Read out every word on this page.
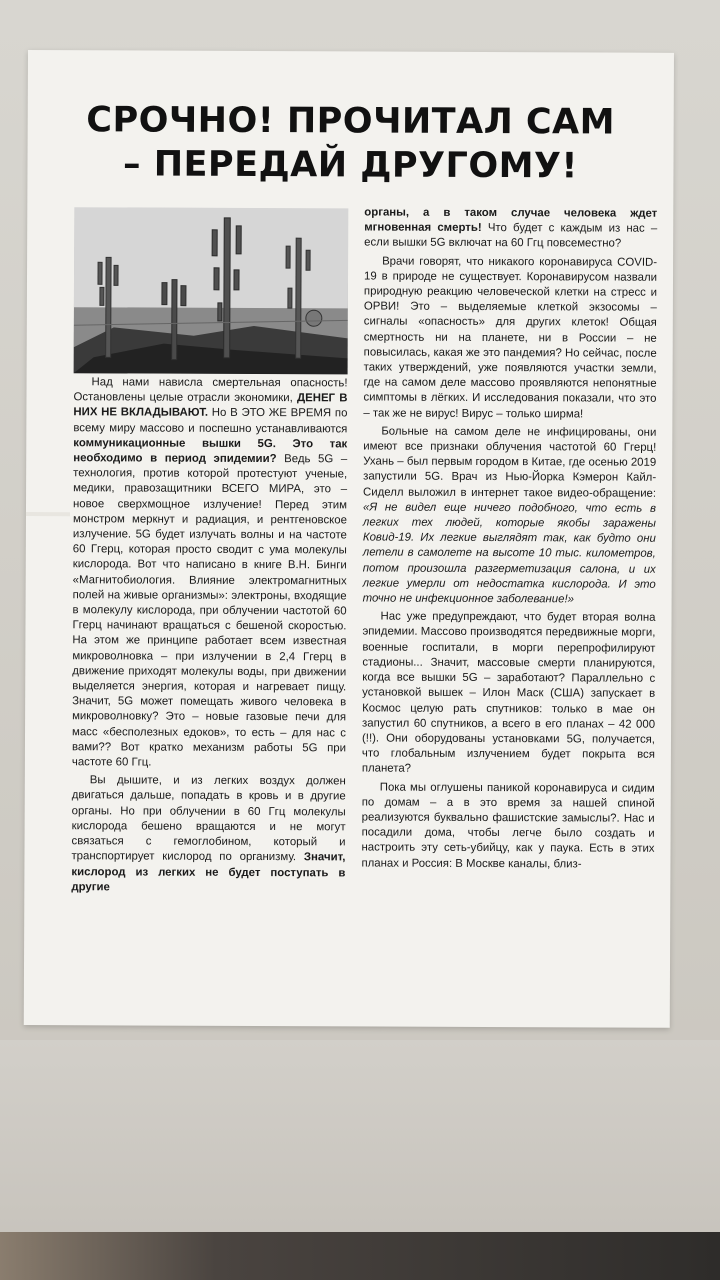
СРОЧНО! ПРОЧИТАЛ САМ
– ПЕРЕДАЙ ДРУГОМУ!

Над нами нависла смертельная опасность! Остановлены целые отрасли экономики, ДЕНЕГ В НИХ НЕ ВКЛАДЫВАЮТ. Но В ЭТО ЖЕ ВРЕМЯ по всему миру массово и поспешно устанавливаются коммуникационные вышки 5G. Это так необходимо в период эпидемии? Ведь 5G – технология, против которой протестуют ученые, медики, правозащитники ВСЕГО МИРА, это – новое сверхмощное излучение! Перед этим монстром меркнут и радиация, и рентгеновское излучение. 5G будет излучать волны и на частоте 60 Ггерц, которая просто сводит с ума молекулы кислорода. Вот что написано в книге В.Н. Бинги «Магнитобиология. Влияние электромагнитных полей на живые организмы»: электроны, входящие в молекулу кислорода, при облучении частотой 60 Ггерц начинают вращаться с бешеной скоростью. На этом же принципе работает всем известная микроволновка – при излучении в 2,4 Ггерц в движение приходят молекулы воды, при движении выделяется энергия, которая и нагревает пищу. Значит, 5G может помещать живого человека в микроволновку? Это – новые газовые печи для масс «бесполезных едоков», то есть – для нас с вами?? Вот кратко механизм работы 5G при частоте 60 Ггц.

Вы дышите, и из легких воздух должен двигаться дальше, попадать в кровь и в другие органы. Но при облучении в 60 Ггц молекулы кислорода бешено вращаются и не могут связаться с гемоглобином, который и транспортирует кислород по организму. Значит, кислород из легких не будет поступать в другие

органы, а в таком случае человека ждет мгновенная смерть! Что будет с каждым из нас – если вышки 5G включат на 60 Ггц повсеместно?

Врачи говорят, что никакого коронавируса COVID-19 в природе не существует. Коронавирусом назвали природную реакцию человеческой клетки на стресс и ОРВИ! Это – выделяемые клеткой экзосомы – сигналы «опасность» для других клеток! Общая смертность ни на планете, ни в России – не повысилась, какая же это пандемия? Но сейчас, после таких утверждений, уже появляются участки земли, где на самом деле массово проявляются непонятные симптомы в лёгких. И исследования показали, что это – так же не вирус! Вирус – только ширма!

Больные на самом деле не инфицированы, они имеют все признаки облучения частотой 60 Ггерц! Ухань – был первым городом в Китае, где осенью 2019 запустили 5G. Врач из Нью-Йорка Кэмерон Кайл-Сиделл выложил в интернет такое видео-обращение: «Я не видел еще ничего подобного, что есть в легких тех людей, которые якобы заражены Ковид-19. Их легкие выглядят так, как будто они летели в самолете на высоте 10 тыс. километров, потом произошла разгерметизация салона, и их легкие умерли от недостатка кислорода. И это точно не инфекционное заболевание!»

Нас уже предупреждают, что будет вторая волна эпидемии. Массово производятся передвижные морги, военные госпитали, в морги перепрофилируют стадионы... Значит, массовые смерти планируются, когда все вышки 5G – заработают? Параллельно с установкой вышек – Илон Маск (США) запускает в Космос целую рать спутников: только в мае он запустил 60 спутников, а всего в его планах – 42 000 (!!). Они оборудованы установками 5G, получается, что глобальным излучением будет покрыта вся планета?

Пока мы оглушены паникой коронавируса и сидим по домам – а в это время за нашей спиной реализуются буквально фашистские замыслы?. Нас и посадили дома, чтобы легче было создать и настроить эту сеть-убийцу, как у паука. Есть в этих планах и Россия: В Москве каналы, близ-
